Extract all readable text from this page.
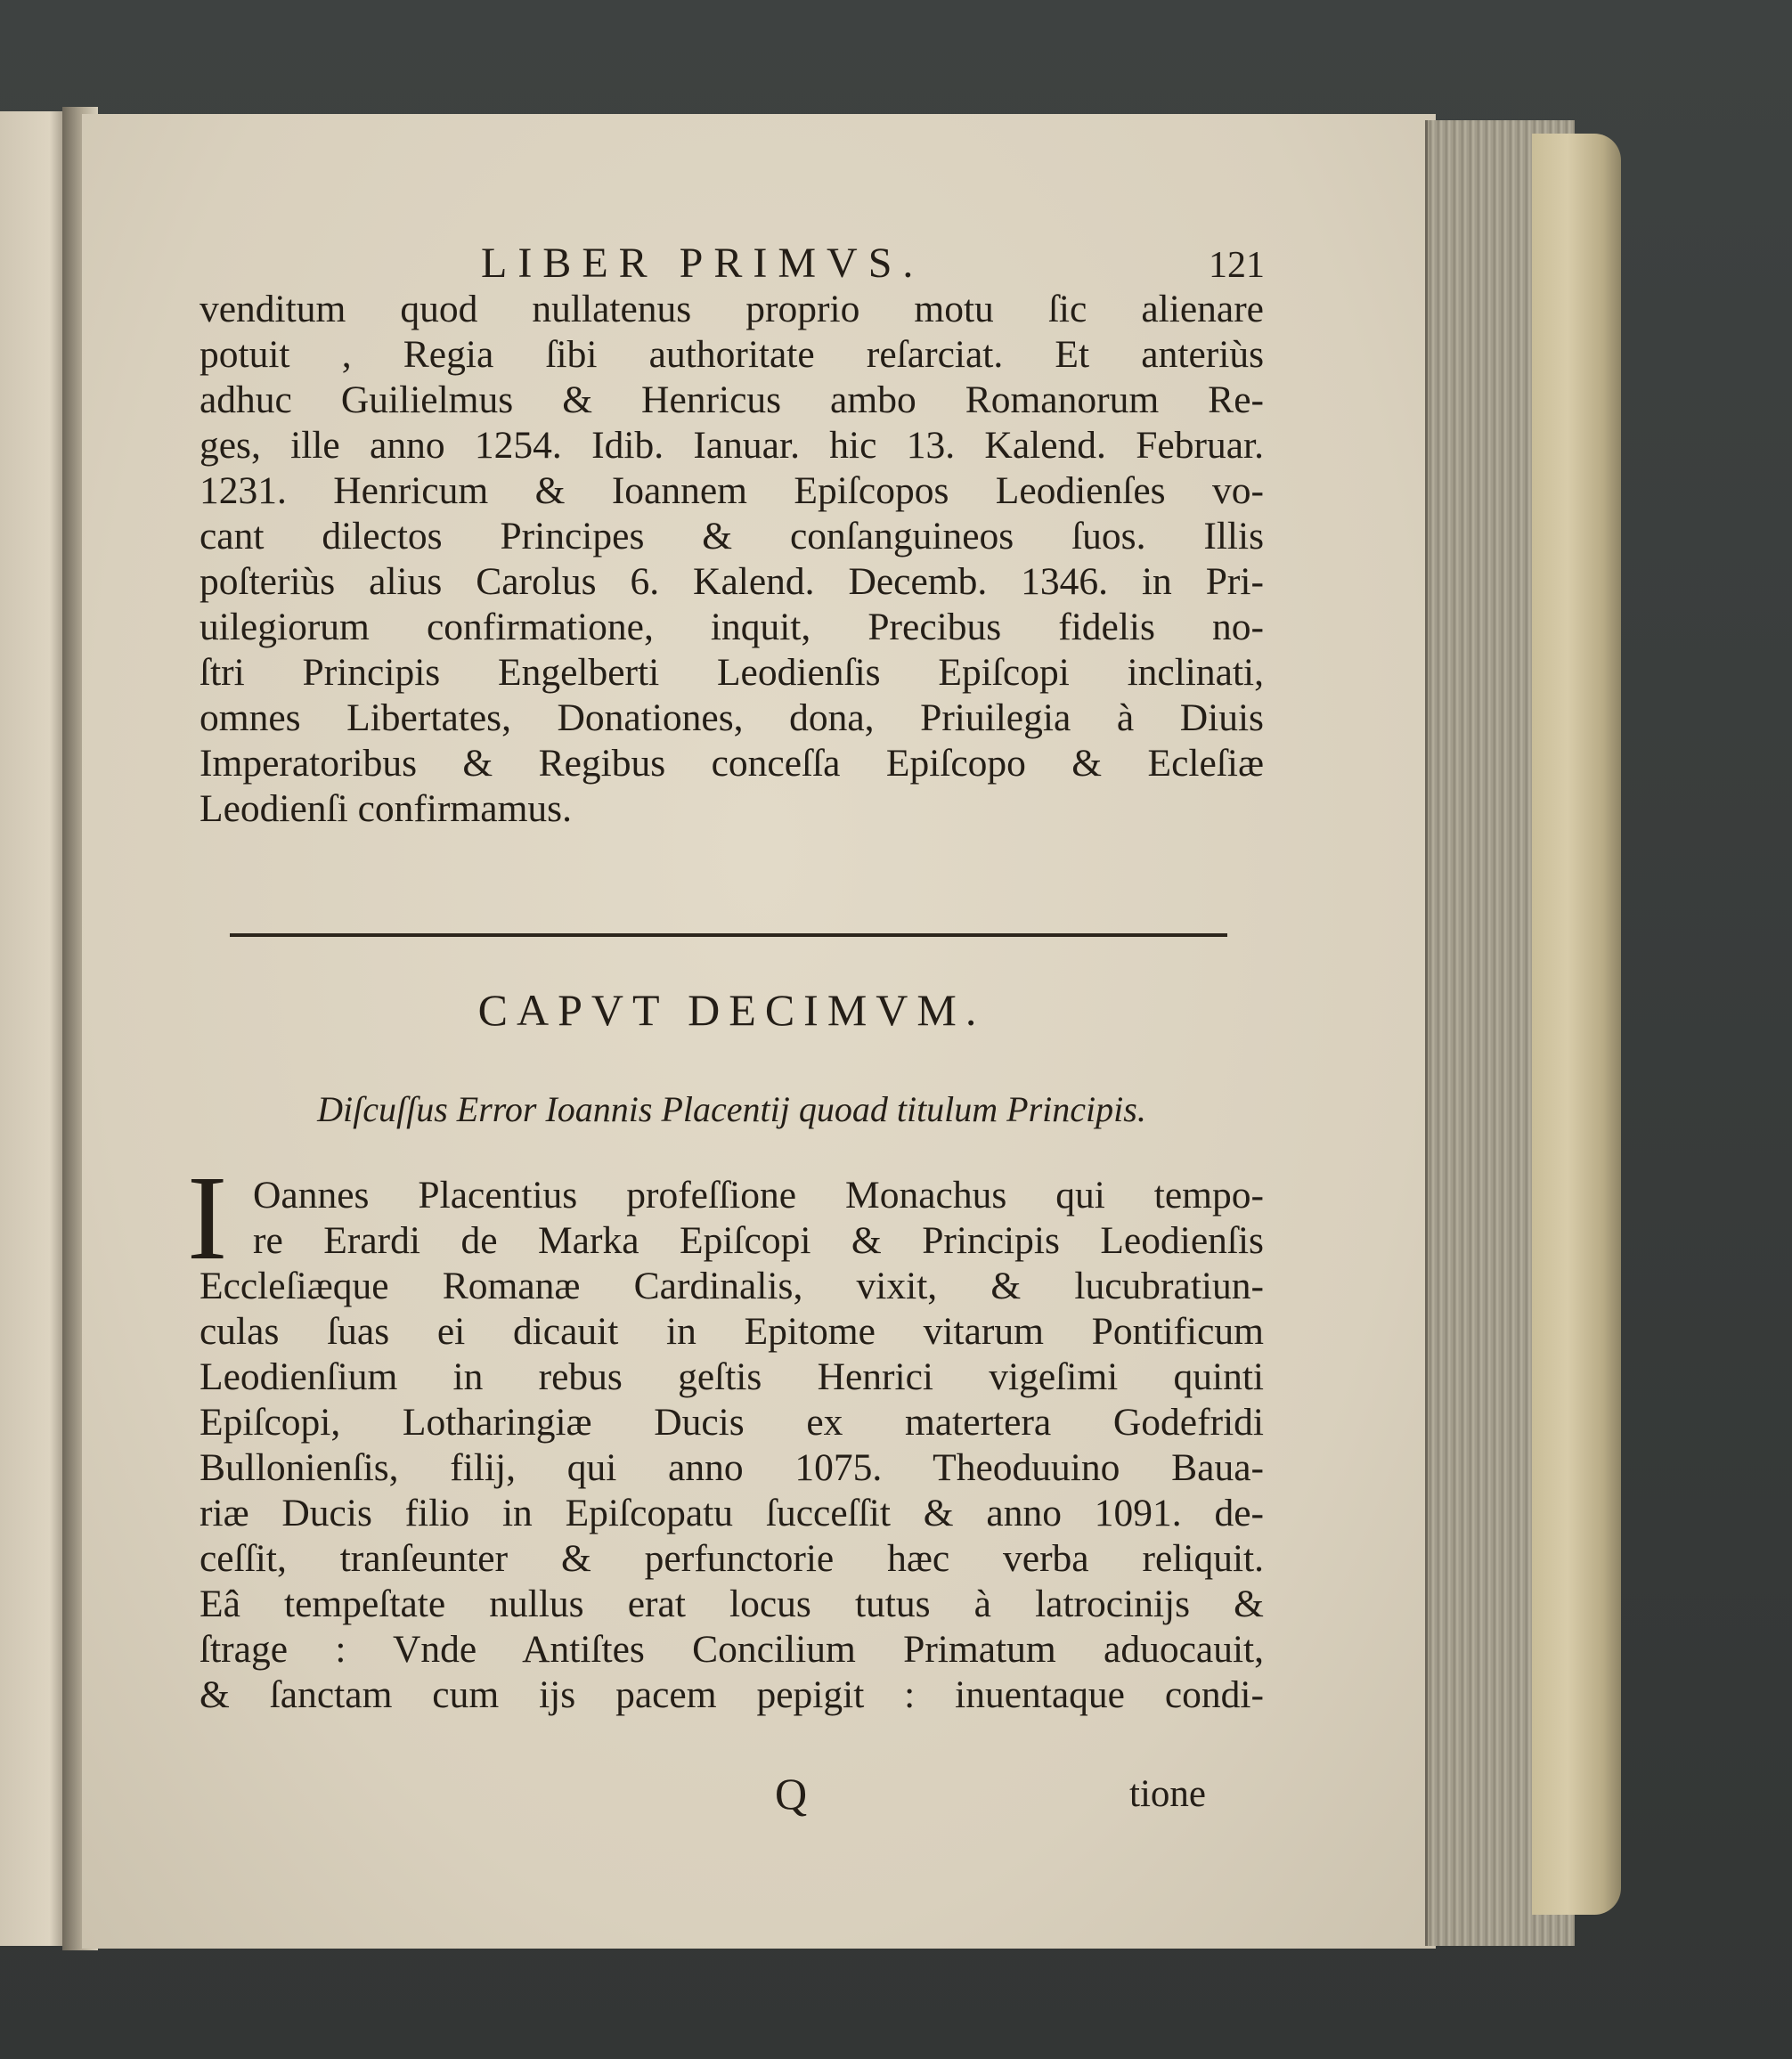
LIBER PRIMVS.	121
venditum quod nullatenus proprio motu ſic alienare
potuit , Regia ſibi authoritate reſarciat. Et anteriùs
adhuc Guilielmus & Henricus ambo Romanorum Re-
ges, ille anno 1254. Idib. Ianuar. hic 13. Kalend. Februar.
1231. Henricum & Ioannem Epiſcopos Leodienſes vo-
cant dilectos Principes & conſanguineos ſuos. Illis
poſteriùs alius Carolus 6. Kalend. Decemb. 1346. in Pri-
uilegiorum confirmatione, inquit, Precibus fidelis no-
ſtri Principis Engelberti Leodienſis Epiſcopi inclinati,
omnes Libertates, Donationes, dona, Priuilegia à Diuis
Imperatoribus & Regibus conceſſa Epiſcopo & Ecleſiæ
Leodienſi confirmamus.
CAPVT DECIMVM.
Diſcuſſus Error Ioannis Placentij quoad titulum Principis.
I Oannes Placentius profeſſione Monachus qui tempo-
re Erardi de Marka Epiſcopi & Principis Leodienſis
Eccleſiæque Romanæ Cardinalis, vixit, & lucubratiun-
culas ſuas ei dicauit in Epitome vitarum Pontificum
Leodienſium in rebus geſtis Henrici vigeſimi quinti
Epiſcopi, Lotharingiæ Ducis ex matertera Godefridi
Bullonienſis, filij, qui anno 1075. Theoduuino Baua-
riæ Ducis filio in Epiſcopatu ſucceſſit & anno 1091. de-
ceſſit, tranſeunter & perfunctorie hæc verba reliquit.
Eâ tempeſtate nullus erat locus tutus à latrocinijs &
ſtrage : Vnde Antiſtes Concilium Primatum aduocauit,
& ſanctam cum ijs pacem pepigit : inuentaque condi-
Q	tione
